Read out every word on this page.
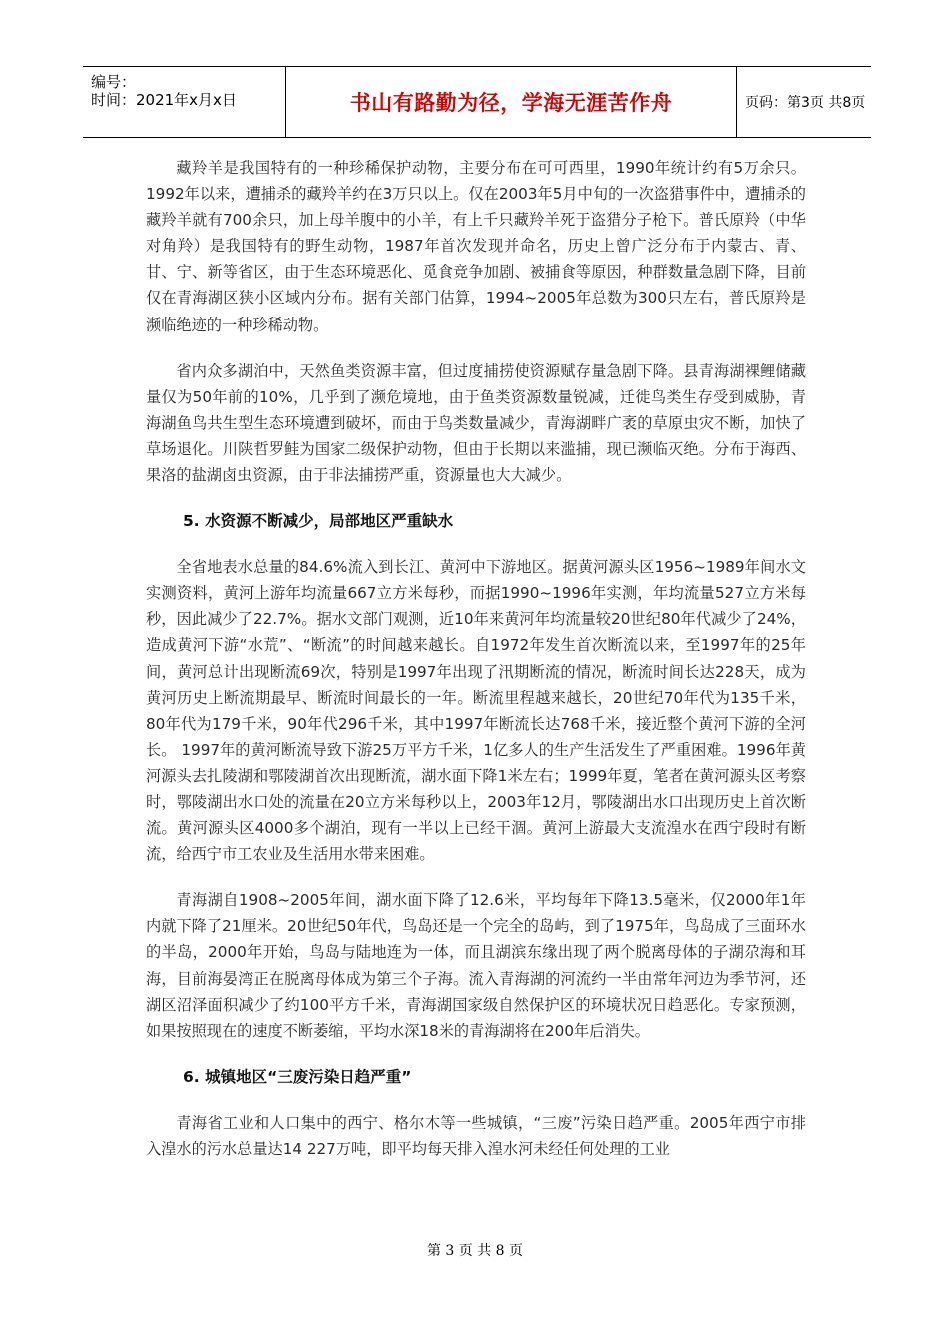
编号：
时间：2021年x月x日	书山有路勤为径，学海无涯苦作舟	页码：第3页 共8页

藏羚羊是我国特有的一种珍稀保护动物，主要分布在可可西里，1990年统计约有5万余只。1992年以来，遭捕杀的藏羚羊约在3万只以上。仅在2003年5月中旬的一次盗猎事件中，遭捕杀的藏羚羊就有700余只，加上母羊腹中的小羊，有上千只藏羚羊死于盗猎分子枪下。普氏原羚（中华对角羚）是我国特有的野生动物，1987年首次发现并命名，历史上曾广泛分布于内蒙古、青、甘、宁、新等省区，由于生态环境恶化、觅食竞争加剧、被捕食等原因，种群数量急剧下降，目前仅在青海湖区狭小区域内分布。据有关部门估算，1994~2005年总数为300只左右，普氏原羚是濒临绝迹的一种珍稀动物。

省内众多湖泊中，天然鱼类资源丰富，但过度捕捞使资源赋存量急剧下降。县青海湖裸鲤储藏量仅为50年前的10%，几乎到了濒危境地，由于鱼类资源数量锐减，迁徙鸟类生存受到威胁，青海湖鱼鸟共生型生态环境遭到破坏，而由于鸟类数量减少，青海湖畔广袤的草原虫灾不断，加快了草场退化。川陕哲罗鲑为国家二级保护动物，但由于长期以来滥捕，现已濒临灭绝。分布于海西、果洛的盐湖卤虫资源，由于非法捕捞严重，资源量也大大减少。

5. 水资源不断减少，局部地区严重缺水

全省地表水总量的84.6%流入到长江、黄河中下游地区。据黄河源头区1956~1989年间水文实测资料，黄河上游年均流量667立方米每秒，而据1990~1996年实测，年均流量527立方米每秒，因此减少了22.7%。据水文部门观测，近10年来黄河年均流量较20世纪80年代减少了24%，造成黄河下游“水荒”、“断流”的时间越来越长。自1972年发生首次断流以来，至1997年的25年间，黄河总计出现断流69次，特别是1997年出现了汛期断流的情况，断流时间长达228天，成为黄河历史上断流期最早、断流时间最长的一年。断流里程越来越长，20世纪70年代为135千米，80年代为179千米，90年代296千米，其中1997年断流长达768千米，接近整个黄河下游的全河长。 1997年的黄河断流导致下游25万平方千米，1亿多人的生产生活发生了严重困难。1996年黄河源头去扎陵湖和鄂陵湖首次出现断流，湖水面下降1米左右；1999年夏，笔者在黄河源头区考察时，鄂陵湖出水口处的流量在20立方米每秒以上，2003年12月，鄂陵湖出水口出现历史上首次断流。黄河源头区4000多个湖泊，现有一半以上已经干涸。黄河上游最大支流湟水在西宁段时有断流，给西宁市工农业及生活用水带来困难。

青海湖自1908~2005年间，湖水面下降了12.6米，平均每年下降13.5毫米，仅2000年1年内就下降了21厘米。20世纪50年代，鸟岛还是一个完全的岛屿，到了1975年，鸟岛成了三面环水的半岛，2000年开始，鸟岛与陆地连为一体，而且湖滨东缘出现了两个脱离母体的子湖尕海和耳海，目前海晏湾正在脱离母体成为第三个子海。流入青海湖的河流约一半由常年河边为季节河，还湖区沼泽面积减少了约100平方千米，青海湖国家级自然保护区的环境状况日趋恶化。专家预测，如果按照现在的速度不断萎缩，平均水深18米的青海湖将在200年后消失。

6. 城镇地区“三废污染日趋严重”

青海省工业和人口集中的西宁、格尔木等一些城镇，“三废”污染日趋严重。2005年西宁市排入湟水的污水总量达14 227万吨，即平均每天排入湟水河未经任何处理的工业

第 3 页 共 8 页
